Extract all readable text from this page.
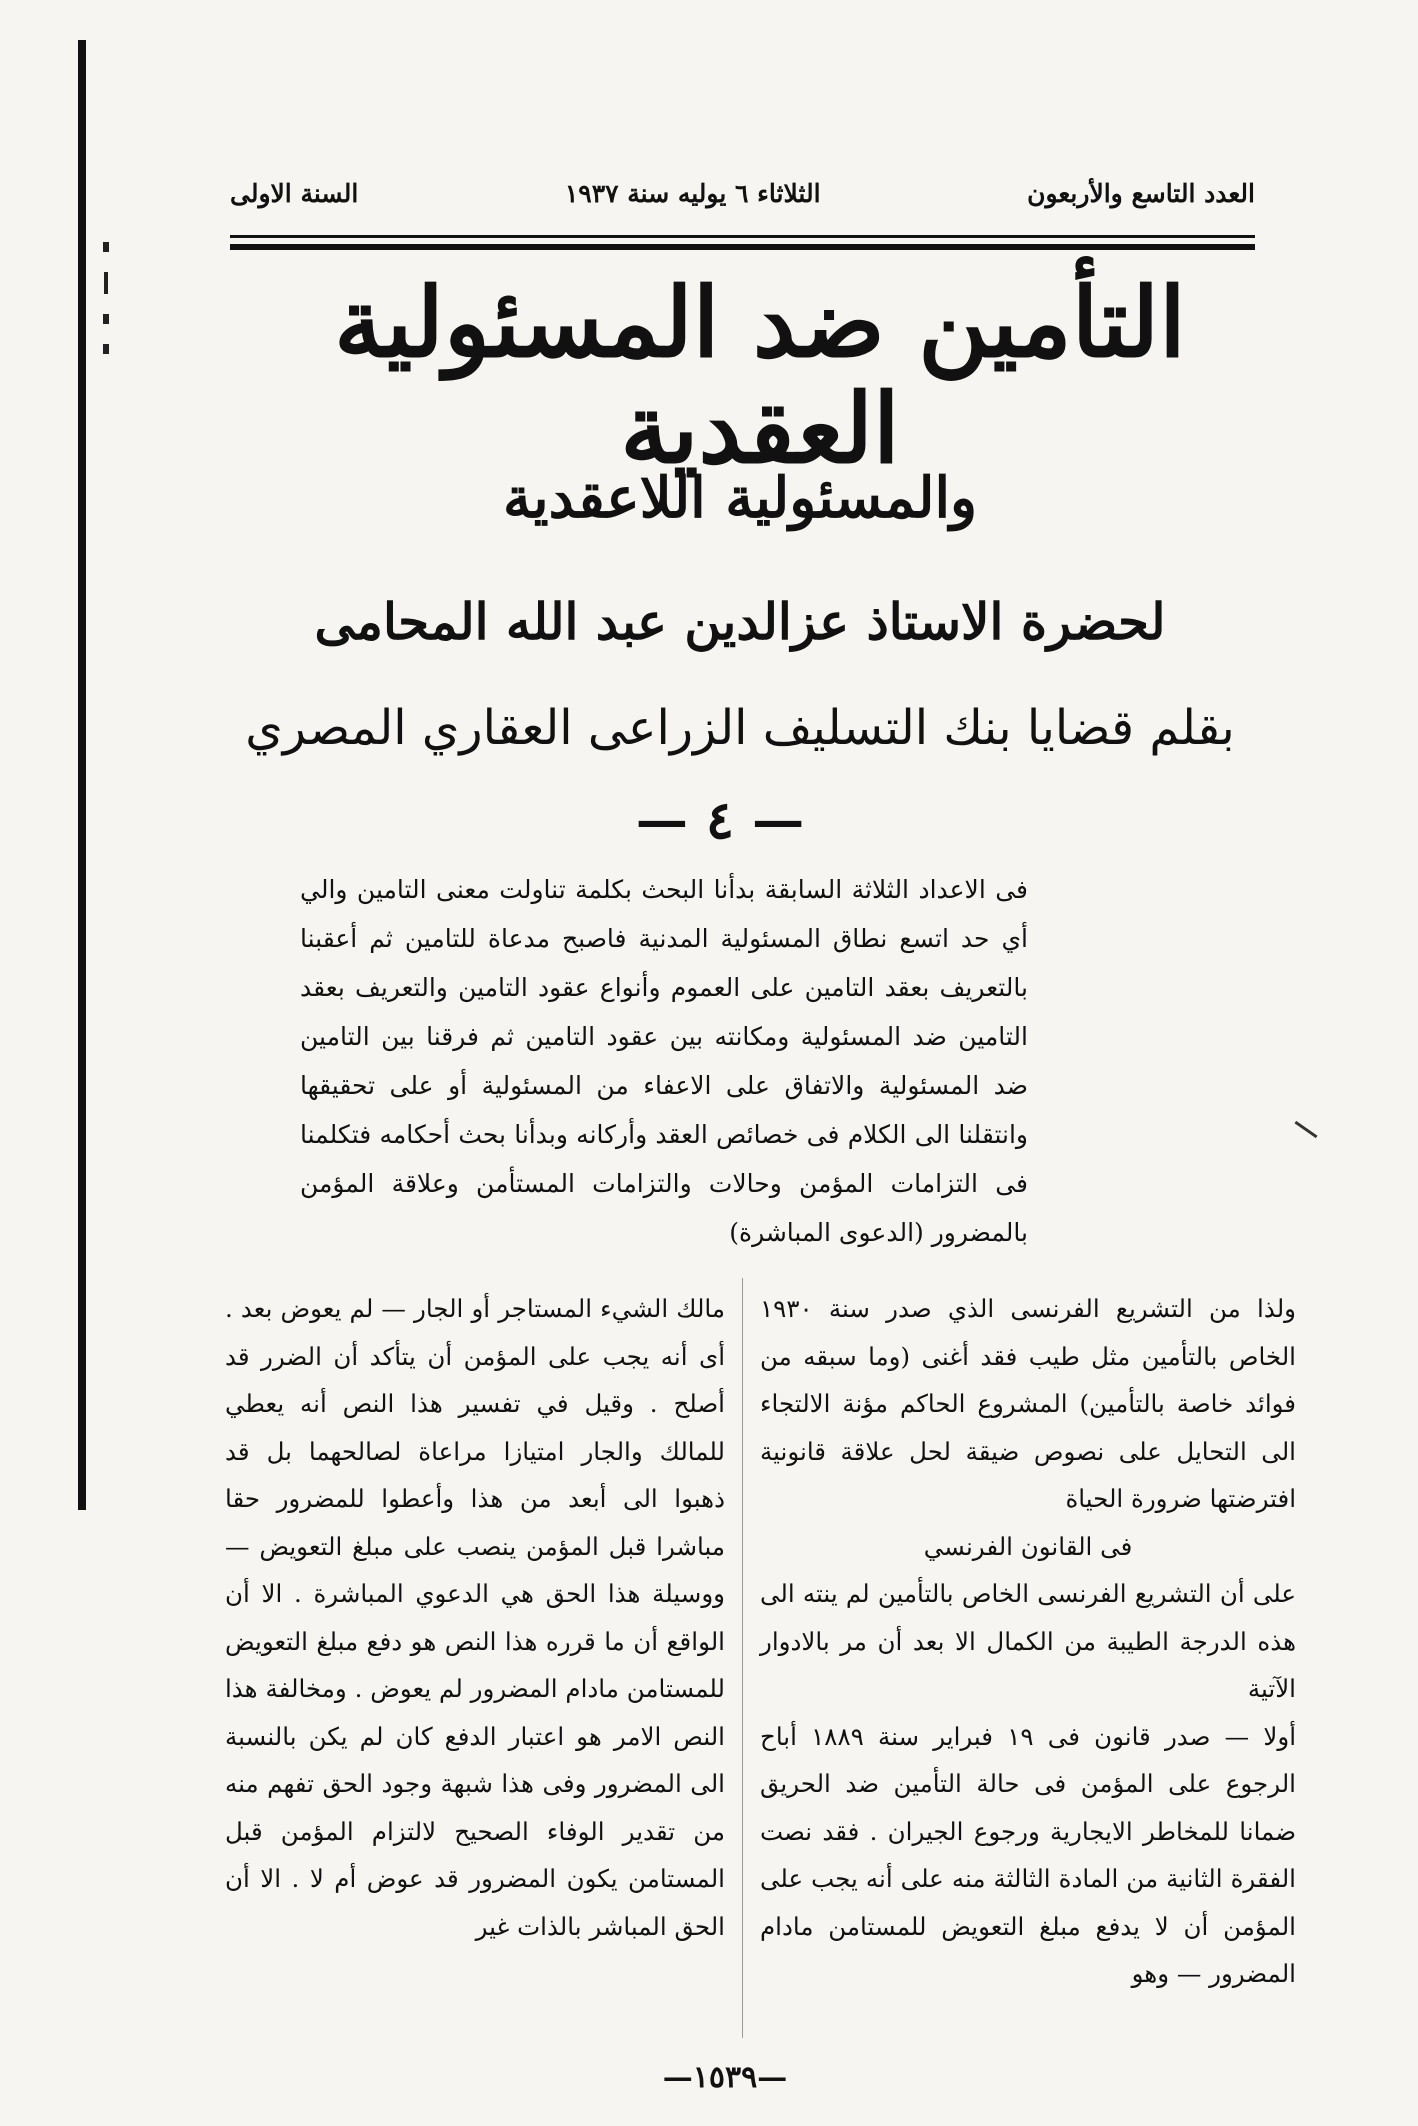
العدد التاسع والأربعون
الثلاثاء ٦ يوليه سنة ١٩٣٧
السنة الاولى
التأمين ضد المسئولية العقدية
والمسئولية اللاعقدية
لحضرة الاستاذ عزالدين عبد الله المحامى
بقلم قضايا بنك التسليف الزراعى العقاري المصري
— ٤ —

فى الاعداد الثلاثة السابقة بدأنا البحث بكلمة تناولت معنى التامين والي أي حد اتسع نطاق المسئولية المدنية فاصبح مدعاة للتامين ثم أعقبنا بالتعريف بعقد التامين على العموم وأنواع عقود التامين والتعريف بعقد التامين ضد المسئولية ومكانته بين عقود التامين ثم فرقنا بين التامين ضد المسئولية والاتفاق على الاعفاء من المسئولية أو على تحقيقها وانتقلنا الى الكلام فى خصائص العقد وأركانه وبدأنا بحث أحكامه فتكلمنا فى التزامات المؤمن وحالات والتزامات المستأمن وعلاقة المؤمن بالمضرور (الدعوى المباشرة)

ولذا من التشريع الفرنسى الذي صدر سنة ١٩٣٠ الخاص بالتأمين مثل طيب فقد أغنى (وما سبقه من فوائد خاصة بالتأمين) المشروع الحاكم مؤنة الالتجاء الى التحايل على نصوص ضيقة لحل علاقة قانونية افترضتها ضرورة الحياة

فى القانون الفرنسي

على أن التشريع الفرنسى الخاص بالتأمين لم ينته الى هذه الدرجة الطيبة من الكمال الا بعد أن مر بالادوار الآتية

أولا — صدر قانون فى ١٩ فبراير سنة ١٨٨٩ أباح الرجوع على المؤمن فى حالة التأمين ضد الحريق ضمانا للمخاطر الايجارية ورجوع الجيران . فقد نصت الفقرة الثانية من المادة الثالثة منه على أنه يجب على المؤمن أن لا يدفع مبلغ التعويض للمستامن مادام المضرور — وهو

مالك الشيء المستاجر أو الجار — لم يعوض بعد . أى أنه يجب على المؤمن أن يتأكد أن الضرر قد أصلح . وقيل في تفسير هذا النص أنه يعطي للمالك والجار امتيازا مراعاة لصالحهما بل قد ذهبوا الى أبعد من هذا وأعطوا للمضرور حقا مباشرا قبل المؤمن ينصب على مبلغ التعويض — ووسيلة هذا الحق هي الدعوي المباشرة . الا أن الواقع أن ما قرره هذا النص هو دفع مبلغ التعويض للمستامن مادام المضرور لم يعوض . ومخالفة هذا النص الامر هو اعتبار الدفع كان لم يكن بالنسبة الى المضرور وفى هذا شبهة وجود الحق تفهم منه من تقدير الوفاء الصحيح لالتزام المؤمن قبل المستامن يكون المضرور قد عوض أم لا . الا أن الحق المباشر بالذات غير

—١٥٣٩—
